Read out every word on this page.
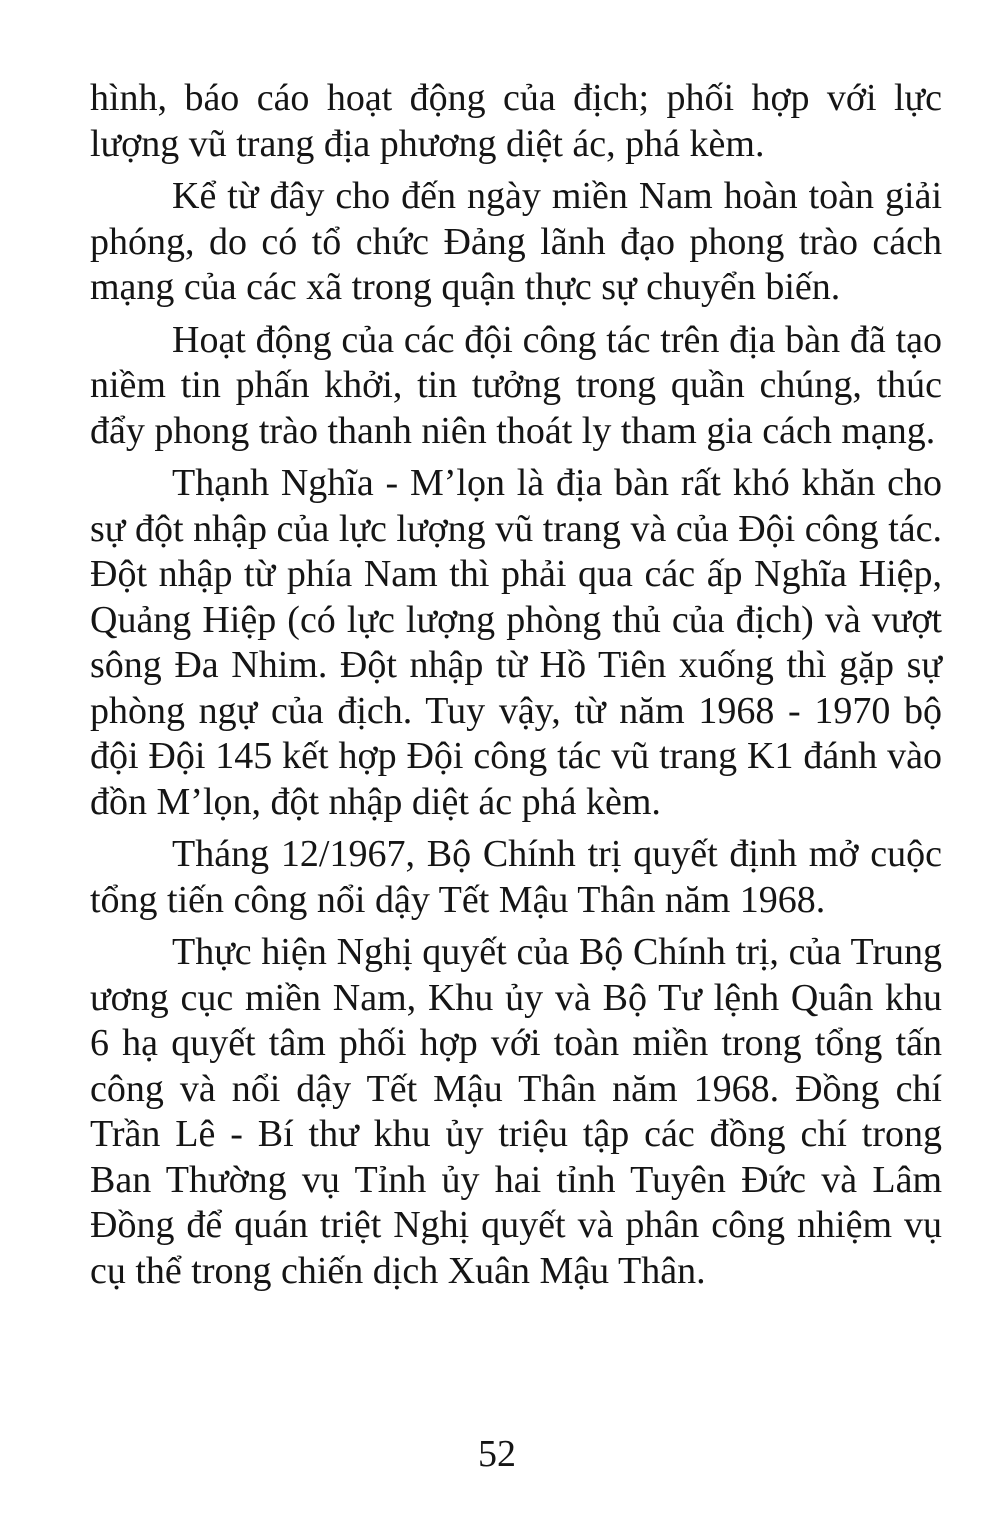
hình, báo cáo hoạt động của địch; phối hợp với lực lượng vũ trang địa phương diệt ác, phá kèm.

Kể từ đây cho đến ngày miền Nam hoàn toàn giải phóng, do có tổ chức Đảng lãnh đạo phong trào cách mạng của các xã trong quận thực sự chuyển biến.

Hoạt động của các đội công tác trên địa bàn đã tạo niềm tin phấn khởi, tin tưởng trong quần chúng, thúc đẩy phong trào thanh niên thoát ly tham gia cách mạng.

Thạnh Nghĩa - M’lọn là địa bàn rất khó khăn cho sự đột nhập của lực lượng vũ trang và của Đội công tác. Đột nhập từ phía Nam thì phải qua các ấp Nghĩa Hiệp, Quảng Hiệp (có lực lượng phòng thủ của địch) và vượt sông Đa Nhim. Đột nhập từ Hồ Tiên xuống thì gặp sự phòng ngự của địch. Tuy vậy, từ năm 1968 - 1970 bộ đội Đội 145 kết hợp Đội công tác vũ trang K1 đánh vào đồn M’lọn, đột nhập diệt ác phá kèm.

Tháng 12/1967, Bộ Chính trị quyết định mở cuộc tổng tiến công nổi dậy Tết Mậu Thân năm 1968.

Thực hiện Nghị quyết của Bộ Chính trị, của Trung ương cục miền Nam, Khu ủy và Bộ Tư lệnh Quân khu 6 hạ quyết tâm phối hợp với toàn miền trong tổng tấn công và nổi dậy Tết Mậu Thân năm 1968. Đồng chí Trần Lê - Bí thư khu ủy triệu tập các đồng chí trong Ban Thường vụ Tỉnh ủy hai tỉnh Tuyên Đức và Lâm Đồng để quán triệt Nghị quyết và phân công nhiệm vụ cụ thể trong chiến dịch Xuân Mậu Thân.

52
